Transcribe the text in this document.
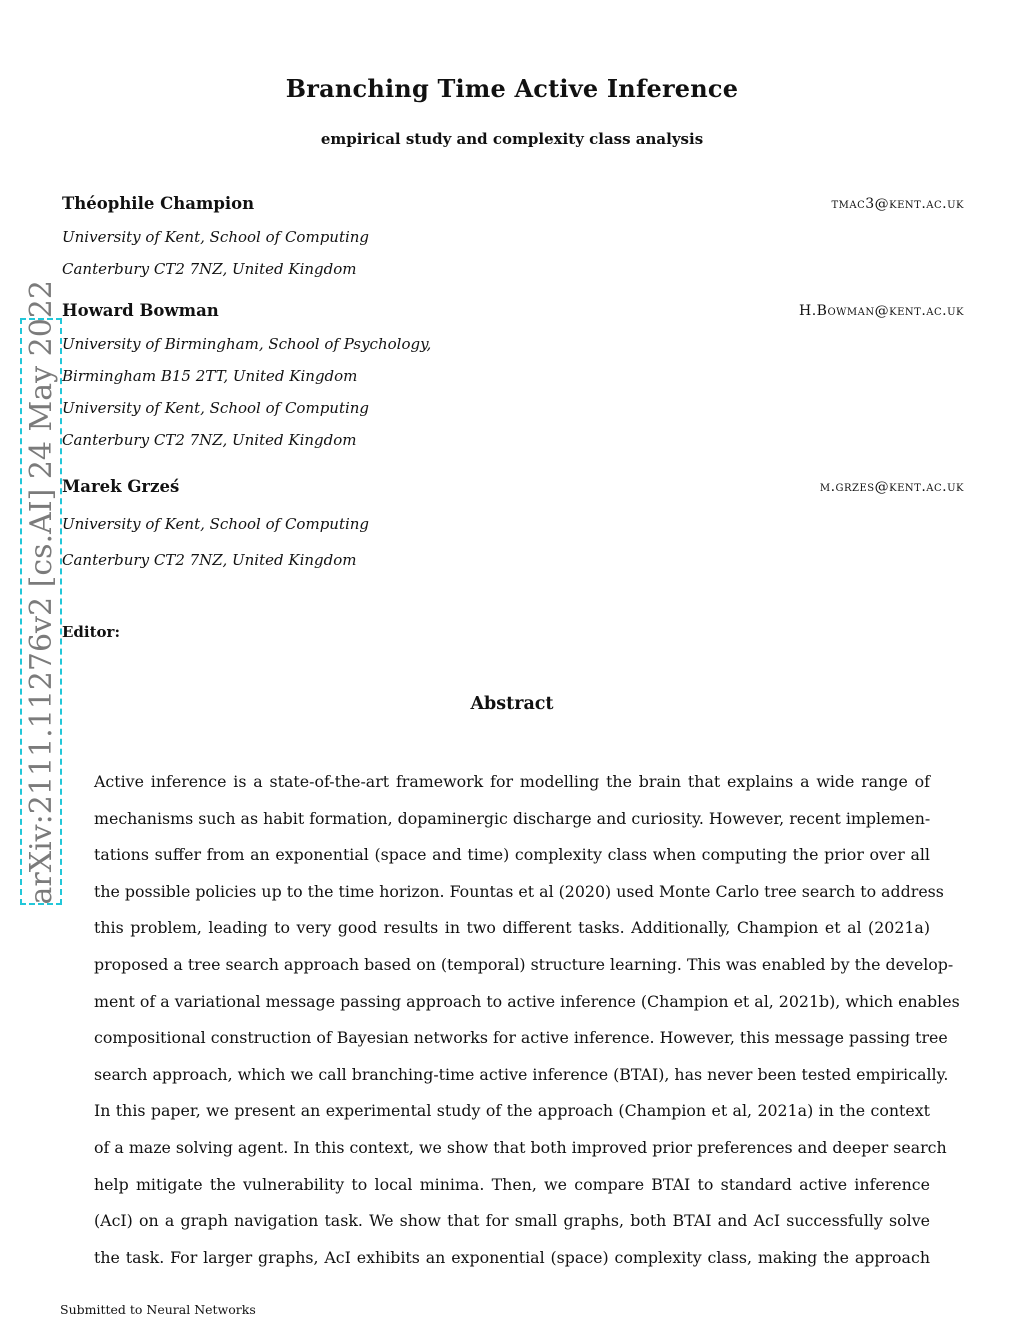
arXiv:2111.11276v2 [cs.AI] 24 May 2022
Branching Time Active Inference
empirical study and complexity class analysis
Théophile Champion	tmac3@kent.ac.uk
University of Kent, School of Computing
Canterbury CT2 7NZ, United Kingdom
Howard Bowman	H.Bowman@kent.ac.uk
University of Birmingham, School of Psychology,
Birmingham B15 2TT, United Kingdom
University of Kent, School of Computing
Canterbury CT2 7NZ, United Kingdom
Marek Grześ	m.grzes@kent.ac.uk
University of Kent, School of Computing
Canterbury CT2 7NZ, United Kingdom
Editor:
Abstract
Active inference is a state-of-the-art framework for modelling the brain that explains a wide range of
mechanisms such as habit formation, dopaminergic discharge and curiosity. However, recent implemen-
tations suffer from an exponential (space and time) complexity class when computing the prior over all
the possible policies up to the time horizon. Fountas et al (2020) used Monte Carlo tree search to address
this problem, leading to very good results in two different tasks. Additionally, Champion et al (2021a)
proposed a tree search approach based on (temporal) structure learning. This was enabled by the develop-
ment of a variational message passing approach to active inference (Champion et al, 2021b), which enables
compositional construction of Bayesian networks for active inference. However, this message passing tree
search approach, which we call branching-time active inference (BTAI), has never been tested empirically.
In this paper, we present an experimental study of the approach (Champion et al, 2021a) in the context
of a maze solving agent. In this context, we show that both improved prior preferences and deeper search
help mitigate the vulnerability to local minima. Then, we compare BTAI to standard active inference
(AcI) on a graph navigation task. We show that for small graphs, both BTAI and AcI successfully solve
the task. For larger graphs, AcI exhibits an exponential (space) complexity class, making the approach
Submitted to Neural Networks
